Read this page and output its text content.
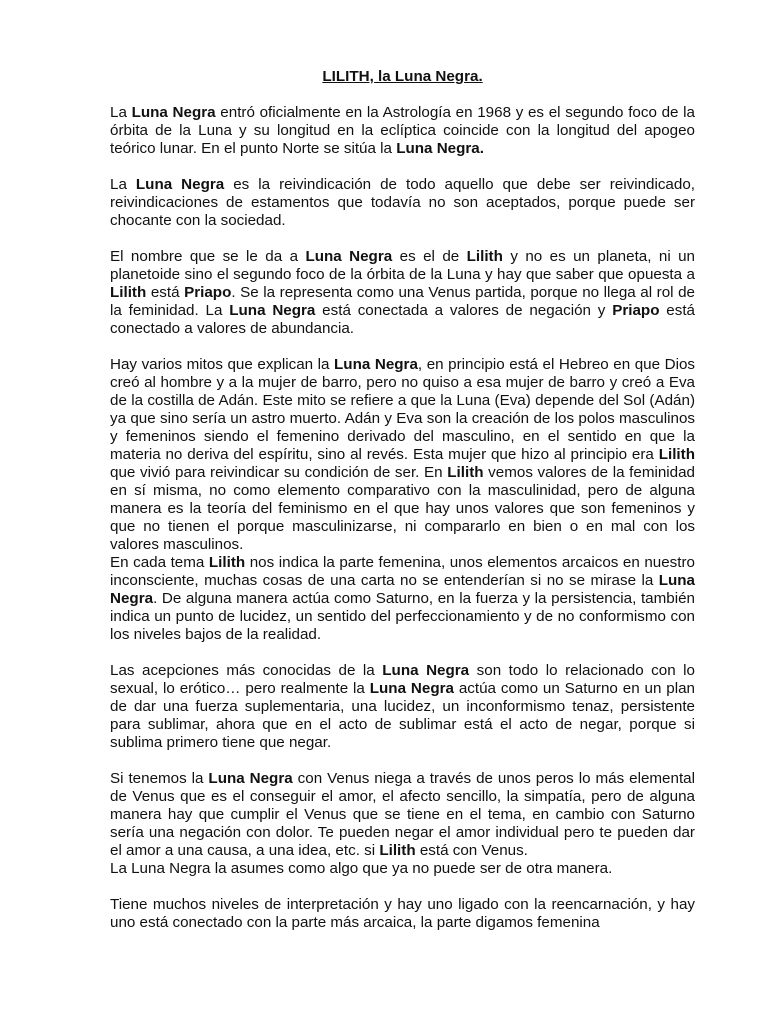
LILITH, la Luna Negra.

La Luna Negra entró oficialmente en la Astrología en 1968 y es el segundo foco de la órbita de la Luna y su longitud en la eclíptica coincide con la longitud del apogeo teórico lunar. En el punto Norte se sitúa la Luna Negra.

La Luna Negra es la reivindicación de todo aquello que debe ser reivindicado, reivindicaciones de estamentos que todavía no son aceptados, porque puede ser chocante con la sociedad.

El nombre que se le da a Luna Negra es el de Lilith y no es un planeta, ni un planetoide sino el segundo foco de la órbita de la Luna y hay que saber que opuesta a Lilith está Priapo. Se la representa como una Venus partida, porque no llega al rol de la feminidad. La Luna Negra está conectada a valores de negación y Priapo está conectado a valores de abundancia.

Hay varios mitos que explican la Luna Negra, en principio está el Hebreo en que Dios creó al hombre y a la mujer de barro, pero no quiso a esa mujer de barro y creó a Eva de la costilla de Adán. Este mito se refiere a que la Luna (Eva) depende del Sol (Adán) ya que sino sería un astro muerto. Adán y Eva son la creación de los polos masculinos y femeninos siendo el femenino derivado del masculino, en el sentido en que la materia no deriva del espíritu, sino al revés. Esta mujer que hizo al principio era Lilith que vivió para reivindicar su condición de ser. En Lilith vemos valores de la feminidad en sí misma, no como elemento comparativo con la masculinidad, pero de alguna manera es la teoría del feminismo en el que hay unos valores que son femeninos y que no tienen el porque masculinizarse, ni compararlo en bien o en mal con los valores masculinos.

En cada tema Lilith nos indica la parte femenina, unos elementos arcaicos en nuestro inconsciente, muchas cosas de una carta no se entenderían si no se mirase la Luna Negra. De alguna manera actúa como Saturno, en la fuerza y la persistencia, también indica un punto de lucidez, un sentido del perfeccionamiento y de no conformismo con los niveles bajos de la realidad.

Las acepciones más conocidas de la Luna Negra son todo lo relacionado con lo sexual, lo erótico… pero realmente la Luna Negra actúa como un Saturno en un plan de dar una fuerza suplementaria, una lucidez, un inconformismo tenaz, persistente para sublimar, ahora que en el acto de sublimar está el acto de negar, porque si sublima primero tiene que negar.

Si tenemos la Luna Negra con Venus niega a través de unos peros lo más elemental de Venus que es el conseguir el amor, el afecto sencillo, la simpatía, pero de alguna manera hay que cumplir el Venus que se tiene en el tema, en cambio con Saturno sería una negación con dolor. Te pueden negar el amor individual pero te pueden dar el amor a una causa, a una idea, etc. si Lilith está con Venus.

La Luna Negra la asumes como algo que ya no puede ser de otra manera.

Tiene muchos niveles de interpretación y hay uno ligado con la reencarnación, y hay uno está conectado con la parte más arcaica, la parte digamos femenina
